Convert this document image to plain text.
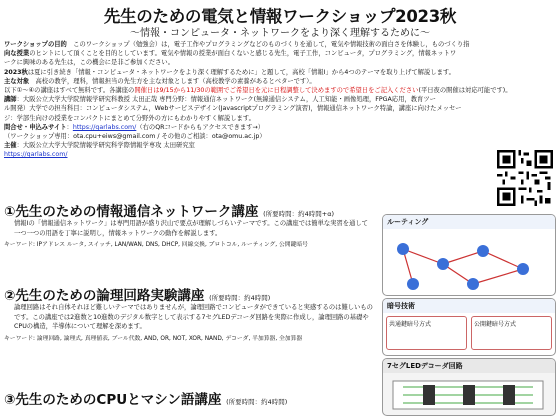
先生のための電気と情報ワークショップ2023秋
〜情報・コンピュータ・ネットワークをより深く理解するために〜

ワークショップの目的　 このワークショップ（勉強会）は，電子工作やプログラミングなどのものづくりを通して，電気や情報技術の面白さを体験し，ものづくり指

向な授業のヒントにして頂くことを目的としています。電気や情報の授業が面白くないと感じる先生，電子工作，コンピュータ，プログラミング，情報ネットワ

ークに興味のある先生は，この機会に是非ご参加ください。

2023秋は夏に引き続き「情報・コンピュータ・ネットワークをより深く理解するために」と題して，高校「情報Ⅰ」から4つのテーマを取り上げて解説します。

主な対象　 高校の教学，理科，情報担当の先生方を主な対象とします（高校教学の素養があるとベターです）。

以下①〜④の講座はすべて無料です。各講座の開催日は9/15から11/30の範囲でご希望日を元に日程調整して決めますので希望日をご記入ください(平日夜の開催は対応可能です)。

講師：大阪公立大学大学院情報学研究科教授 太田正哉 専門分野：情報通信ネットワーク(無線通信システム，人工知能・画像処理，FPGA応用，教育ツー

ル開発）大学での担当科目：コンピュータシステム，Webサービスデザイン(Javascriptプログラミング演習)，情報通信ネットワーク特論，講座に向けたメッセー

ジ：学部生向けの授業をコンパクトにまとめて分野外の方にもわかりやすく解説します。

問合せ・申込みサイト：https://qarlabs.com/（右のQRコードからもアクセスできます→）

（ワークショップ専用：ota.cpu+eiws@gmail.com / その他のご相談：ota@omu.ac.jp）

主催：大阪公立大学大学院情報学研究科学際情報学専攻 太田研究室

https://qarlabs.com/

①先生のための情報通信ネットワーク講座 (所要時間：約4時間+α)
情報Ⅰの「情報通信ネットワーク」は専門用語が盛り沢山で要点が理解しづらいテーマです。この講座では簡単な実習を通して一つ一つの用語を丁寧に説明し，情報ネットワークの動作を解説します。
キーワード: IPアドレス ルータ, スイッチ, LAN/WAN, DNS, DHCP, 回線交換, プロトコル, ルーティング, 公開鍵暗号
②先生のための論理回路実験講座 (所要時間：約4時間)
論理回路はそれ自体それほど難しいテーマではありませんが，論理回路でコンピュータができていると実感するのは難しいものです。この講座では2進数と10進数のデジタル数字として表示する7セグLEDデコーダ回路を実際に作成し，論理回路の基礎やCPUの構造，半導体について理解を深めます。
キーワード: 論理回路, 論理式, 真理値表, ブール代数, AND, OR, NOT, XOR, NAND, デコーダ, 半加算器, 全加算器
③先生のためのCPUとマシン語講座 (所要時間：約4時間)
ルーティング
暗号技術
共通鍵暗号方式	公開鍵暗号方式
7セグLEDデコーダ回路
